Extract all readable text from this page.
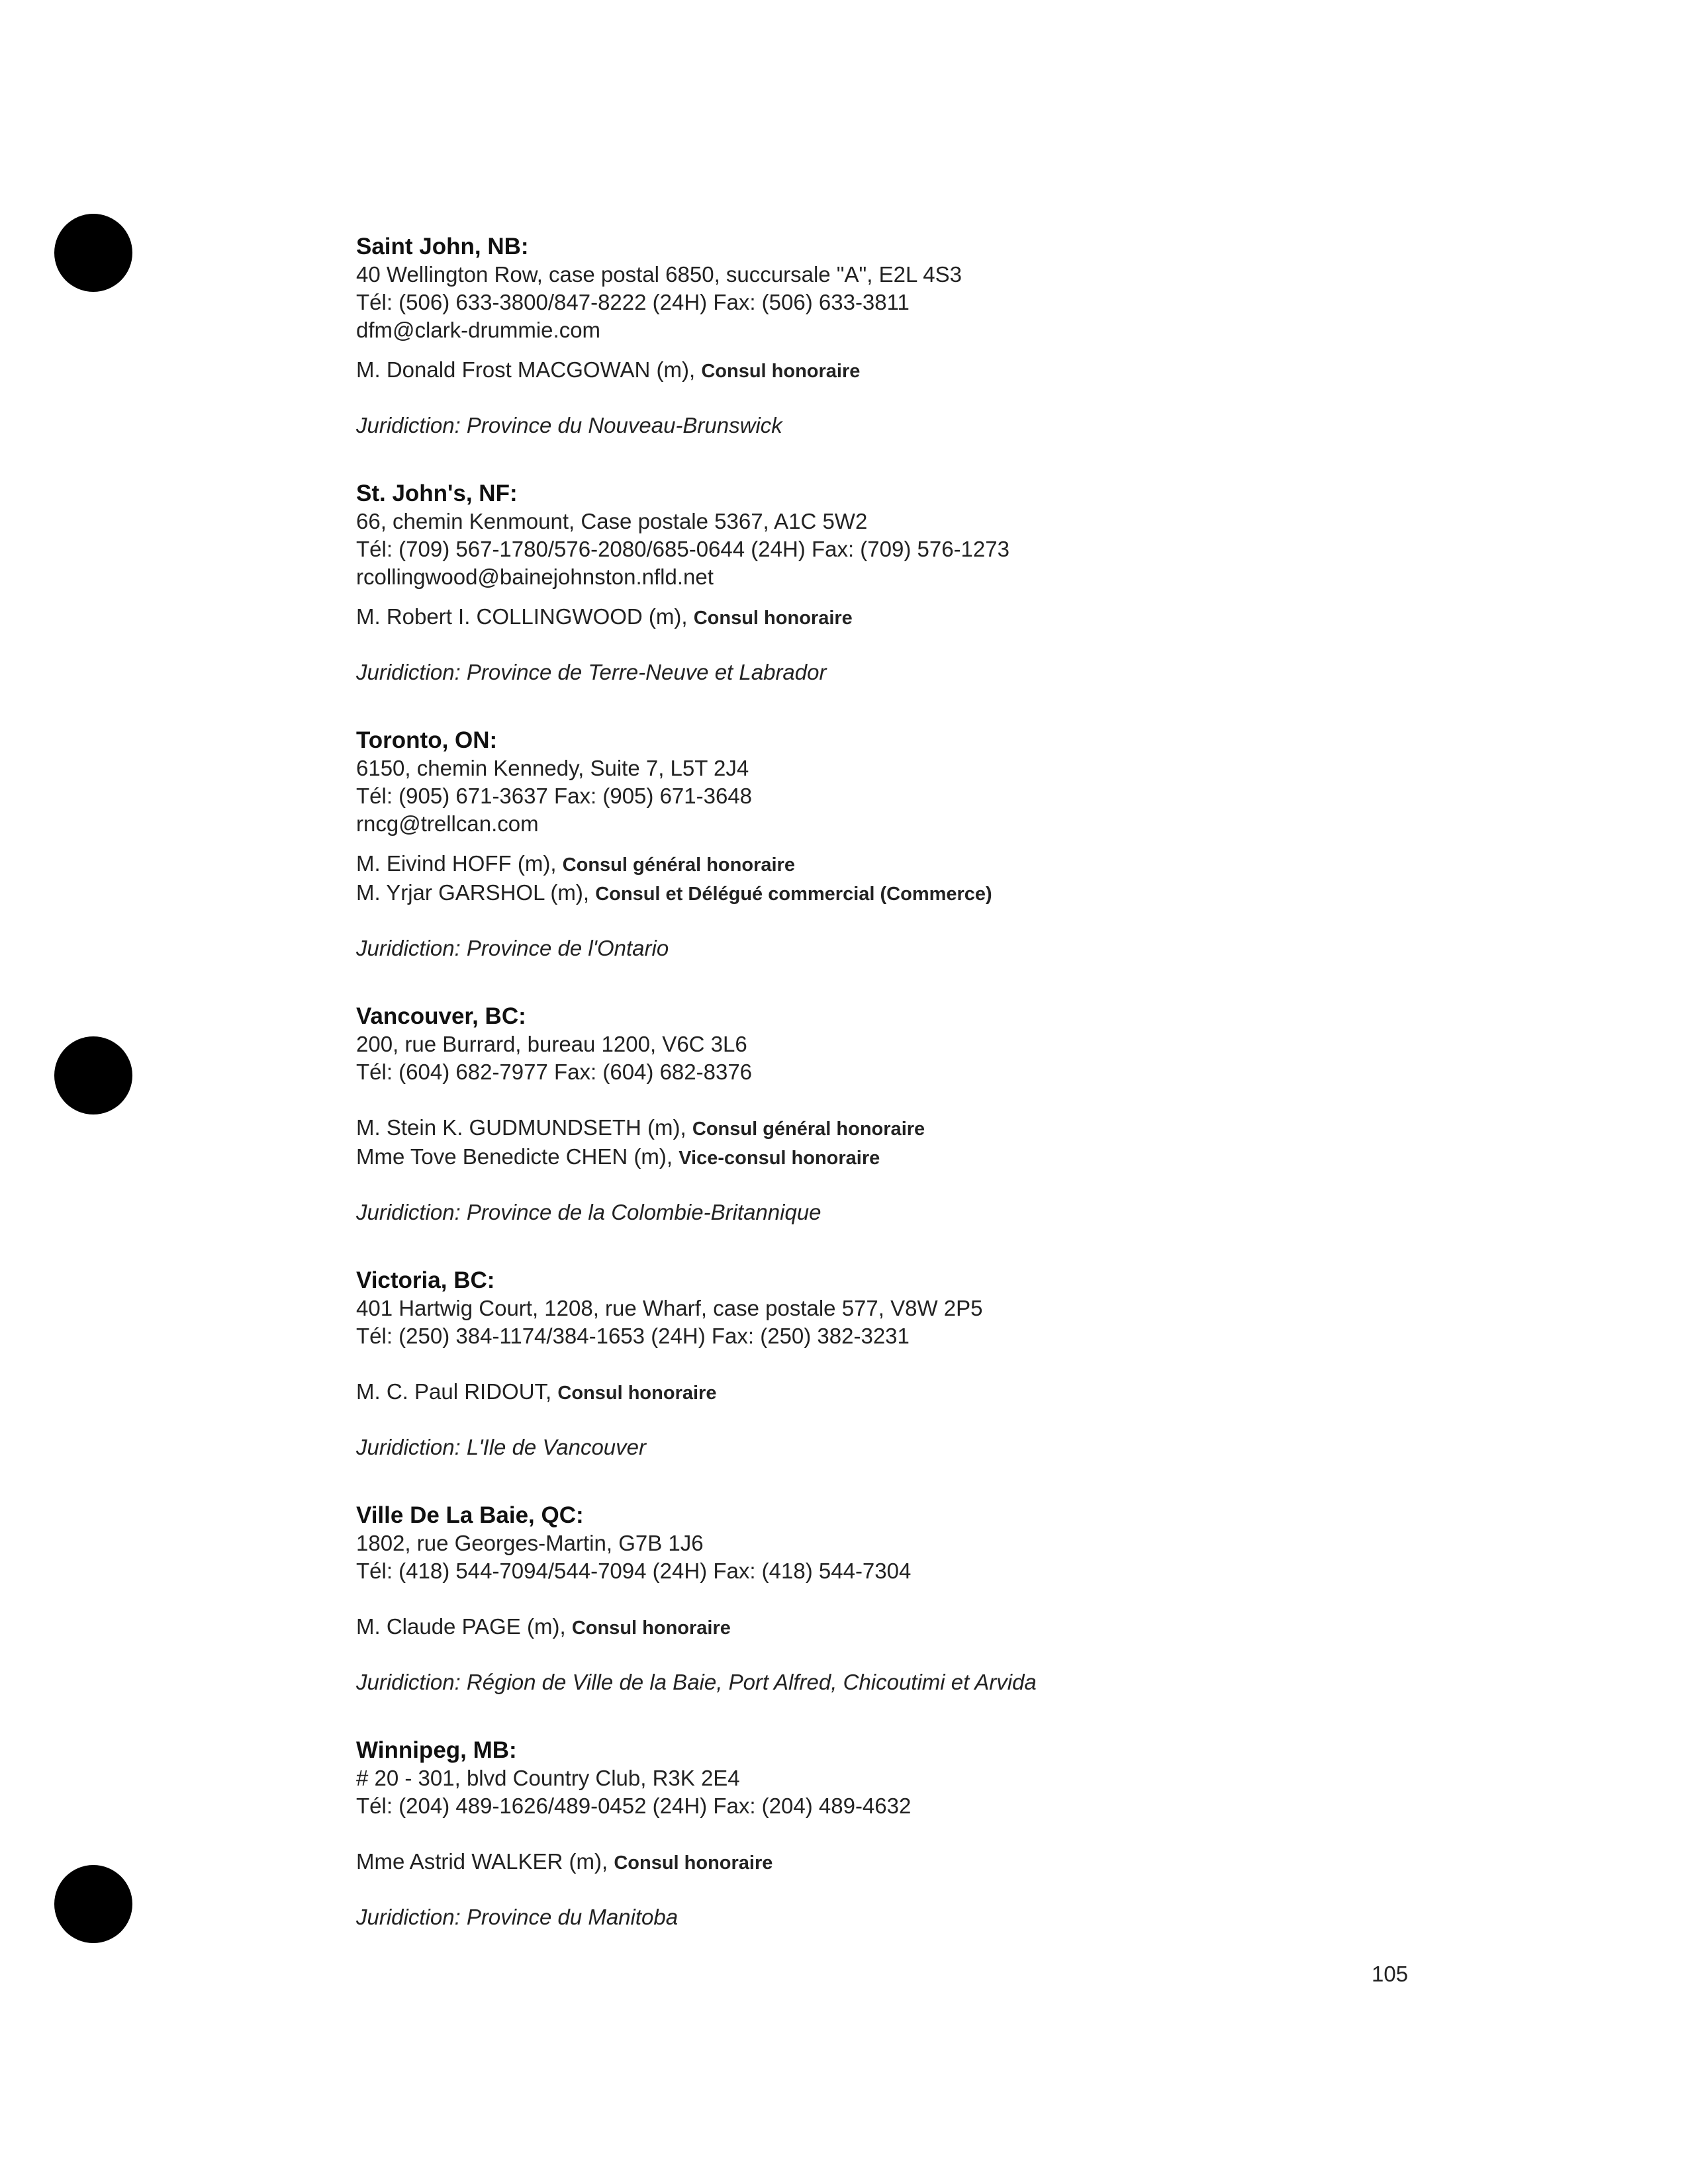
Saint John, NB:
40 Wellington Row, case postal 6850, succursale "A", E2L 4S3
Tél: (506) 633-3800/847-8222 (24H) Fax: (506) 633-3811
dfm@clark-drummie.com
M. Donald Frost MACGOWAN (m), Consul honoraire
Juridiction: Province du Nouveau-Brunswick
St. John's, NF:
66, chemin Kenmount, Case postale 5367, A1C 5W2
Tél: (709) 567-1780/576-2080/685-0644 (24H) Fax: (709) 576-1273
rcollingwood@bainejohnston.nfld.net
M. Robert I. COLLINGWOOD (m), Consul honoraire
Juridiction: Province de Terre-Neuve et Labrador
Toronto, ON:
6150, chemin Kennedy, Suite 7, L5T 2J4
Tél: (905) 671-3637 Fax: (905) 671-3648
rncg@trellcan.com
M. Eivind HOFF (m), Consul général honoraire
M. Yrjar GARSHOL (m), Consul et Délégué commercial (Commerce)
Juridiction: Province de l'Ontario
Vancouver, BC:
200, rue Burrard, bureau 1200, V6C 3L6
Tél: (604) 682-7977 Fax: (604) 682-8376
M. Stein K. GUDMUNDSETH (m), Consul général honoraire
Mme Tove Benedicte CHEN (m), Vice-consul honoraire
Juridiction: Province de la Colombie-Britannique
Victoria, BC:
401 Hartwig Court, 1208, rue Wharf, case postale 577, V8W 2P5
Tél: (250) 384-1174/384-1653 (24H) Fax: (250) 382-3231
M. C. Paul RIDOUT, Consul honoraire
Juridiction: L'Ile de Vancouver
Ville De La Baie, QC:
1802, rue Georges-Martin, G7B 1J6
Tél: (418) 544-7094/544-7094 (24H) Fax: (418) 544-7304
M. Claude PAGE (m), Consul honoraire
Juridiction: Région de Ville de la Baie, Port Alfred, Chicoutimi et Arvida
Winnipeg, MB:
# 20 - 301, blvd Country Club, R3K 2E4
Tél: (204) 489-1626/489-0452 (24H) Fax: (204) 489-4632
Mme Astrid WALKER (m), Consul honoraire
Juridiction: Province du Manitoba
105
